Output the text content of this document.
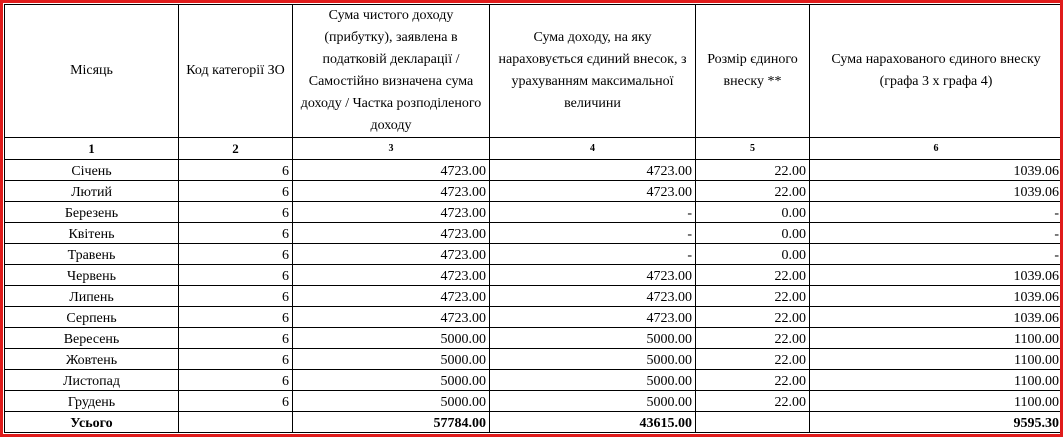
Місяць	Код категорії ЗО	Сума чистого доходу (прибутку), заявлена в податковій декларації / Самостійно визначена сума доходу / Частка розподіленого доходу	Сума доходу, на яку нараховується єдиний внесок, з урахуванням максимальної величини	Розмір єдиного внеску **	Сума нарахованого єдиного внеску (графа 3 x графа 4)
1	2	3	4	5	6
Січень	6	4723.00	4723.00	22.00	1039.06
Лютий	6	4723.00	4723.00	22.00	1039.06
Березень	6	4723.00	-	0.00	-
Квітень	6	4723.00	-	0.00	-
Травень	6	4723.00	-	0.00	-
Червень	6	4723.00	4723.00	22.00	1039.06
Липень	6	4723.00	4723.00	22.00	1039.06
Серпень	6	4723.00	4723.00	22.00	1039.06
Вересень	6	5000.00	5000.00	22.00	1100.00
Жовтень	6	5000.00	5000.00	22.00	1100.00
Листопад	6	5000.00	5000.00	22.00	1100.00
Грудень	6	5000.00	5000.00	22.00	1100.00
Усього		57784.00	43615.00		9595.30
